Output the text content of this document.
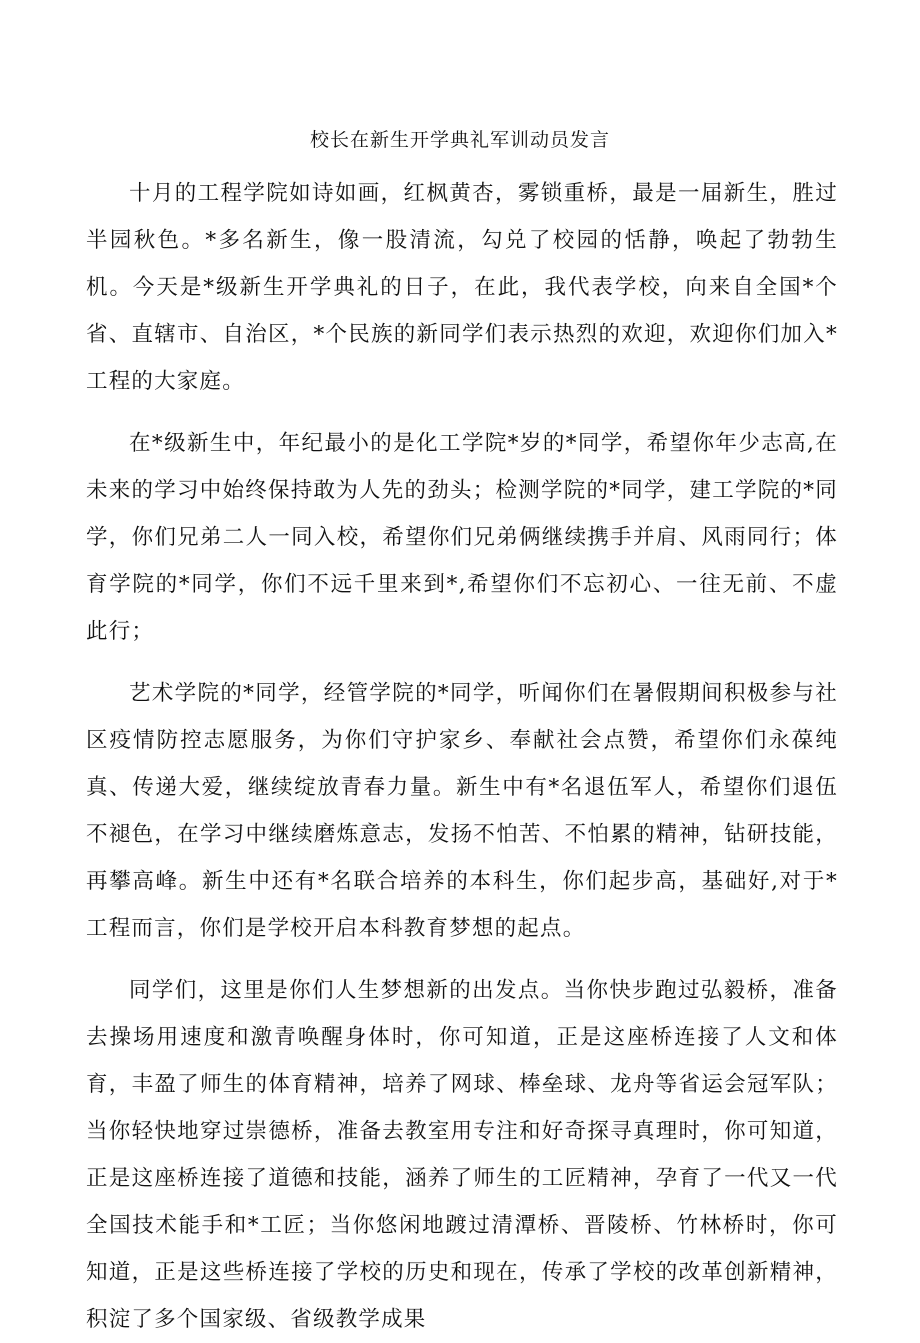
校长在新生开学典礼军训动员发言

十月的工程学院如诗如画，红枫黄杏，雾锁重桥，最是一届新生，胜过半园秋色。*多名新生，像一股清流，勾兑了校园的恬静，唤起了勃勃生机。今天是*级新生开学典礼的日子，在此，我代表学校，向来自全国*个省、直辖市、自治区，*个民族的新同学们表示热烈的欢迎，欢迎你们加入*工程的大家庭。

在*级新生中，年纪最小的是化工学院*岁的*同学，希望你年少志高,在未来的学习中始终保持敢为人先的劲头；检测学院的*同学，建工学院的*同学，你们兄弟二人一同入校，希望你们兄弟俩继续携手并肩、风雨同行；体育学院的*同学，你们不远千里来到*,希望你们不忘初心、一往无前、不虚此行；

艺术学院的*同学，经管学院的*同学，听闻你们在暑假期间积极参与社区疫情防控志愿服务，为你们守护家乡、奉献社会点赞，希望你们永葆纯真、传递大爱，继续绽放青春力量。新生中有*名退伍军人，希望你们退伍不褪色，在学习中继续磨炼意志，发扬不怕苦、不怕累的精神，钻研技能，再攀高峰。新生中还有*名联合培养的本科生，你们起步高，基础好,对于*工程而言，你们是学校开启本科教育梦想的起点。

同学们，这里是你们人生梦想新的出发点。当你快步跑过弘毅桥，准备去操场用速度和激青唤醒身体时，你可知道，正是这座桥连接了人文和体育，丰盈了师生的体育精神，培养了网球、棒垒球、龙舟等省运会冠军队；当你轻快地穿过崇德桥，准备去教室用专注和好奇探寻真理时，你可知道，正是这座桥连接了道德和技能，涵养了师生的工匠精神，孕育了一代又一代全国技术能手和*工匠；当你悠闲地踱过清潭桥、晋陵桥、竹林桥时，你可知道，正是这些桥连接了学校的历史和现在，传承了学校的改革创新精神，积淀了多个国家级、省级教学成果
